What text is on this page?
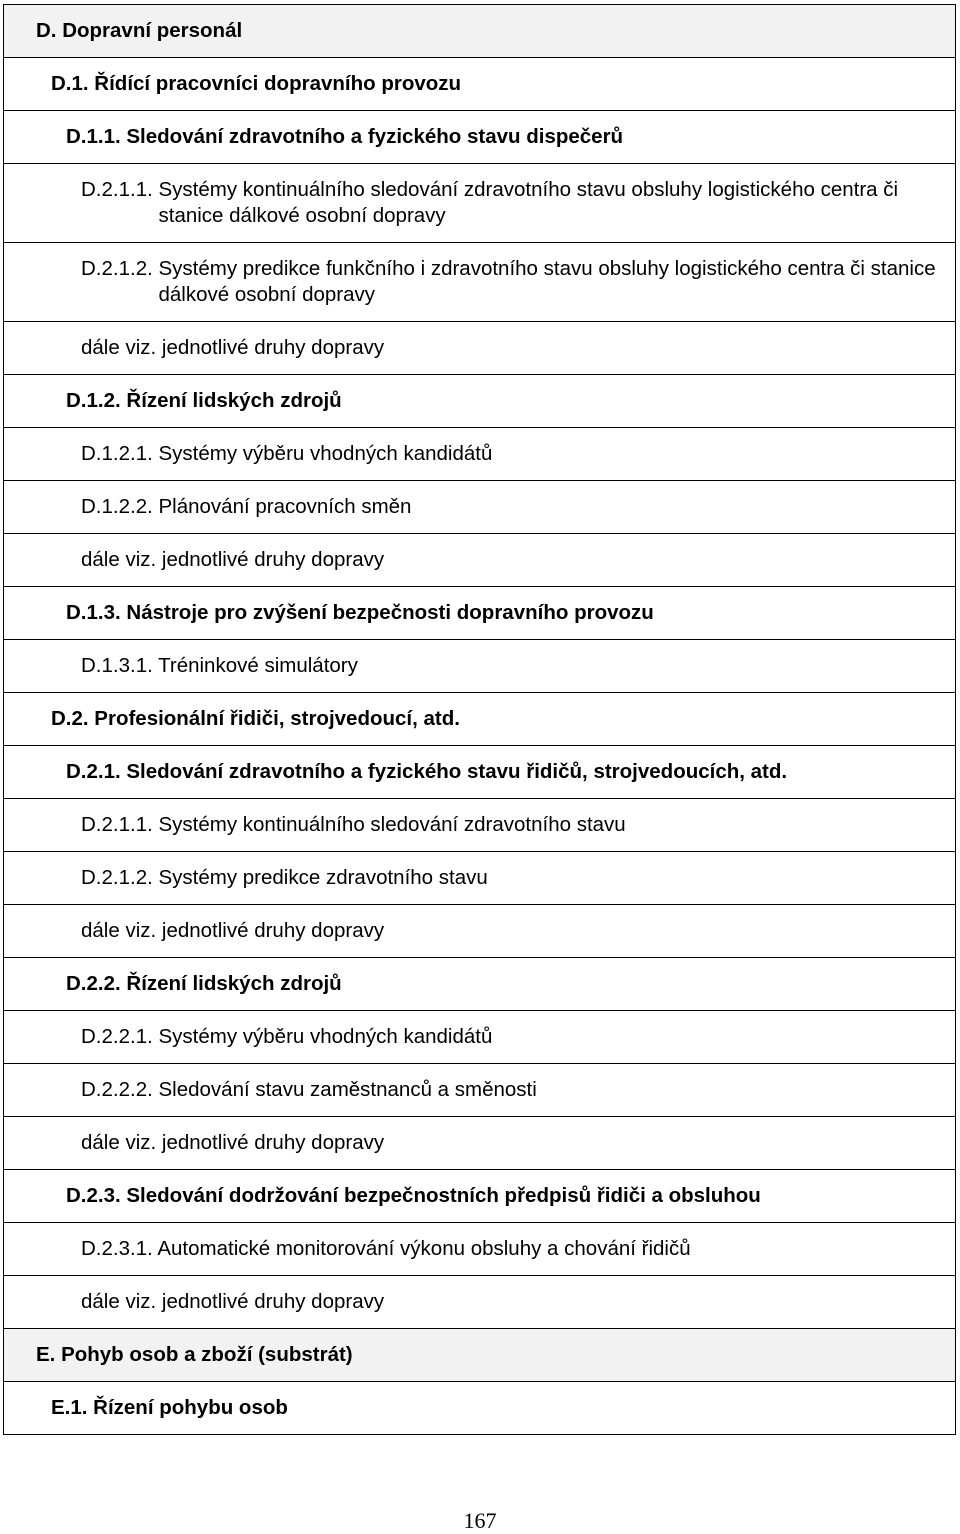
D. Dopravní personál
D.1. Řídící pracovníci dopravního provozu
D.1.1. Sledování zdravotního a fyzického stavu dispečerů
D.2.1.1. Systémy kontinuálního sledování zdravotního stavu obsluhy logistického centra či stanice dálkové osobní dopravy
D.2.1.2. Systémy predikce funkčního i zdravotního stavu obsluhy logistického centra či stanice dálkové osobní dopravy
dále viz. jednotlivé druhy dopravy
D.1.2. Řízení lidských zdrojů
D.1.2.1. Systémy výběru vhodných kandidátů
D.1.2.2. Plánování pracovních směn
dále viz. jednotlivé druhy dopravy
D.1.3. Nástroje pro zvýšení bezpečnosti dopravního provozu
D.1.3.1. Tréninkové simulátory
D.2. Profesionální řidiči, strojvedoucí, atd.
D.2.1. Sledování zdravotního a fyzického stavu řidičů, strojvedoucích, atd.
D.2.1.1. Systémy kontinuálního sledování zdravotního stavu
D.2.1.2. Systémy predikce zdravotního stavu
dále viz. jednotlivé druhy dopravy
D.2.2. Řízení lidských zdrojů
D.2.2.1. Systémy výběru vhodných kandidátů
D.2.2.2. Sledování stavu zaměstnanců a směnosti
dále viz. jednotlivé druhy dopravy
D.2.3. Sledování dodržování bezpečnostních předpisů řidiči a obsluhou
D.2.3.1. Automatické monitorování výkonu obsluhy a chování řidičů
dále viz. jednotlivé druhy dopravy
E. Pohyb osob a zboží (substrát)
E.1. Řízení pohybu osob
167
